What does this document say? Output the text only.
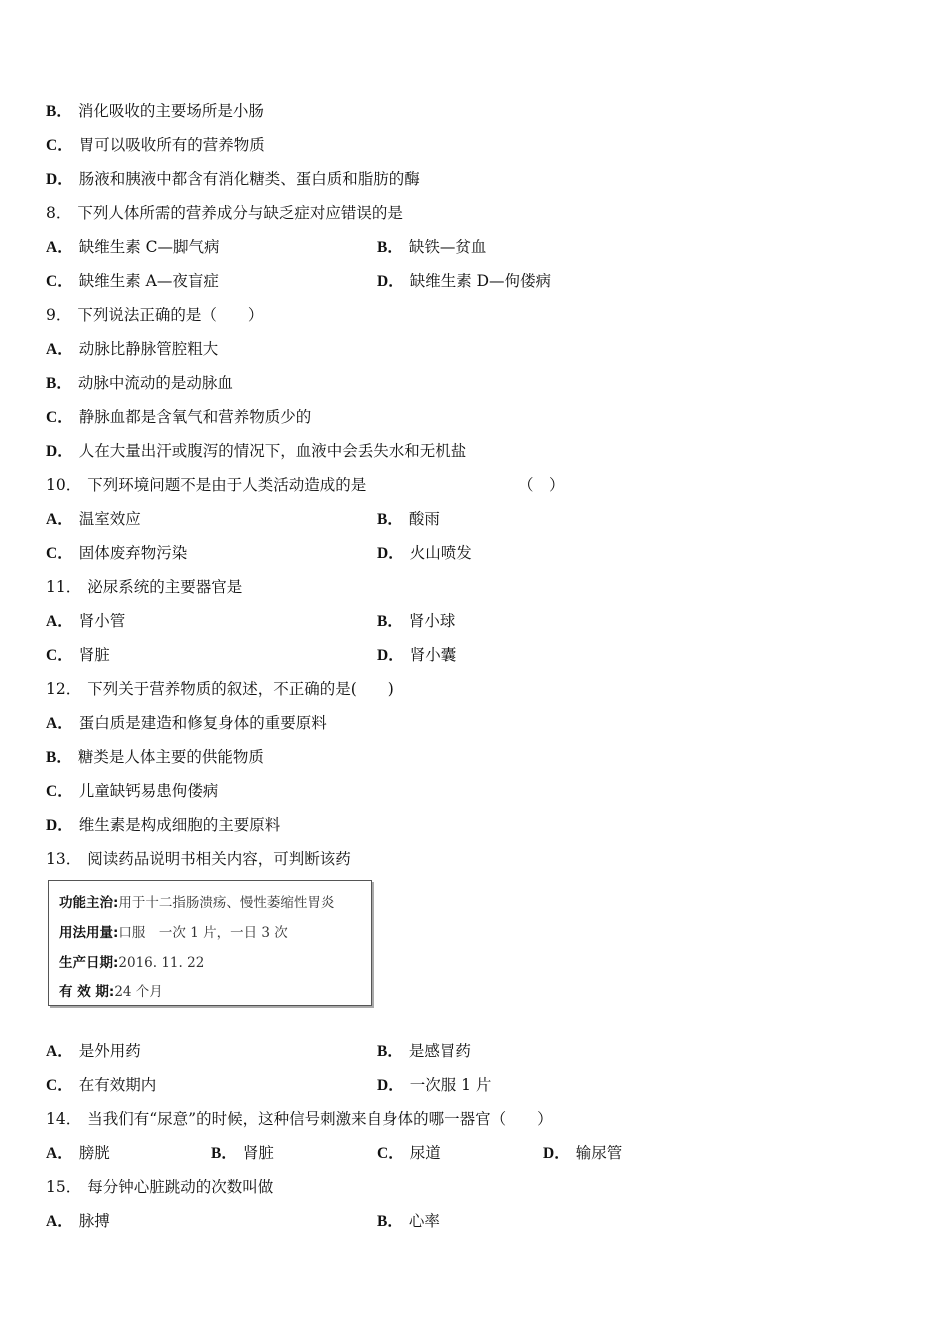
B． 消化吸收的主要场所是小肠
C． 胃可以吸收所有的营养物质
D． 肠液和胰液中都含有消化糖类、蛋白质和脂肪的酶
8． 下列人体所需的营养成分与缺乏症对应错误的是
A． 缺维生素 C—脚气病	B． 缺铁—贫血
C． 缺维生素 A—夜盲症	D． 缺维生素 D—佝偻病
9． 下列说法正确的是（　　）
A． 动脉比静脉管腔粗大
B． 动脉中流动的是动脉血
C． 静脉血都是含氧气和营养物质少的
D． 人在大量出汗或腹泻的情况下，血液中会丢失水和无机盐
10． 下列环境问题不是由于人类活动造成的是	（　）
A． 温室效应	B． 酸雨
C． 固体废弃物污染	D． 火山喷发
11． 泌尿系统的主要器官是
A． 肾小管	B． 肾小球
C． 肾脏	D． 肾小囊
12． 下列关于营养物质的叙述，不正确的是(　　)
A． 蛋白质是建造和修复身体的重要原料
B． 糖类是人体主要的供能物质
C． 儿童缺钙易患佝偻病
D． 维生素是构成细胞的主要原料
13． 阅读药品说明书相关内容，可判断该药
功能主治:用于十二指肠溃疡、慢性萎缩性胃炎
用法用量:口服　一次 1 片，一日 3 次
生产日期:2016. 11. 22
有 效 期:24 个月
A． 是外用药	B． 是感冒药
C． 在有效期内	D． 一次服 1 片
14． 当我们有“尿意”的时候，这种信号刺激来自身体的哪一器官（　　）
A． 膀胱	B． 肾脏	C． 尿道	D． 输尿管
15． 每分钟心脏跳动的次数叫做
A． 脉搏	B． 心率
